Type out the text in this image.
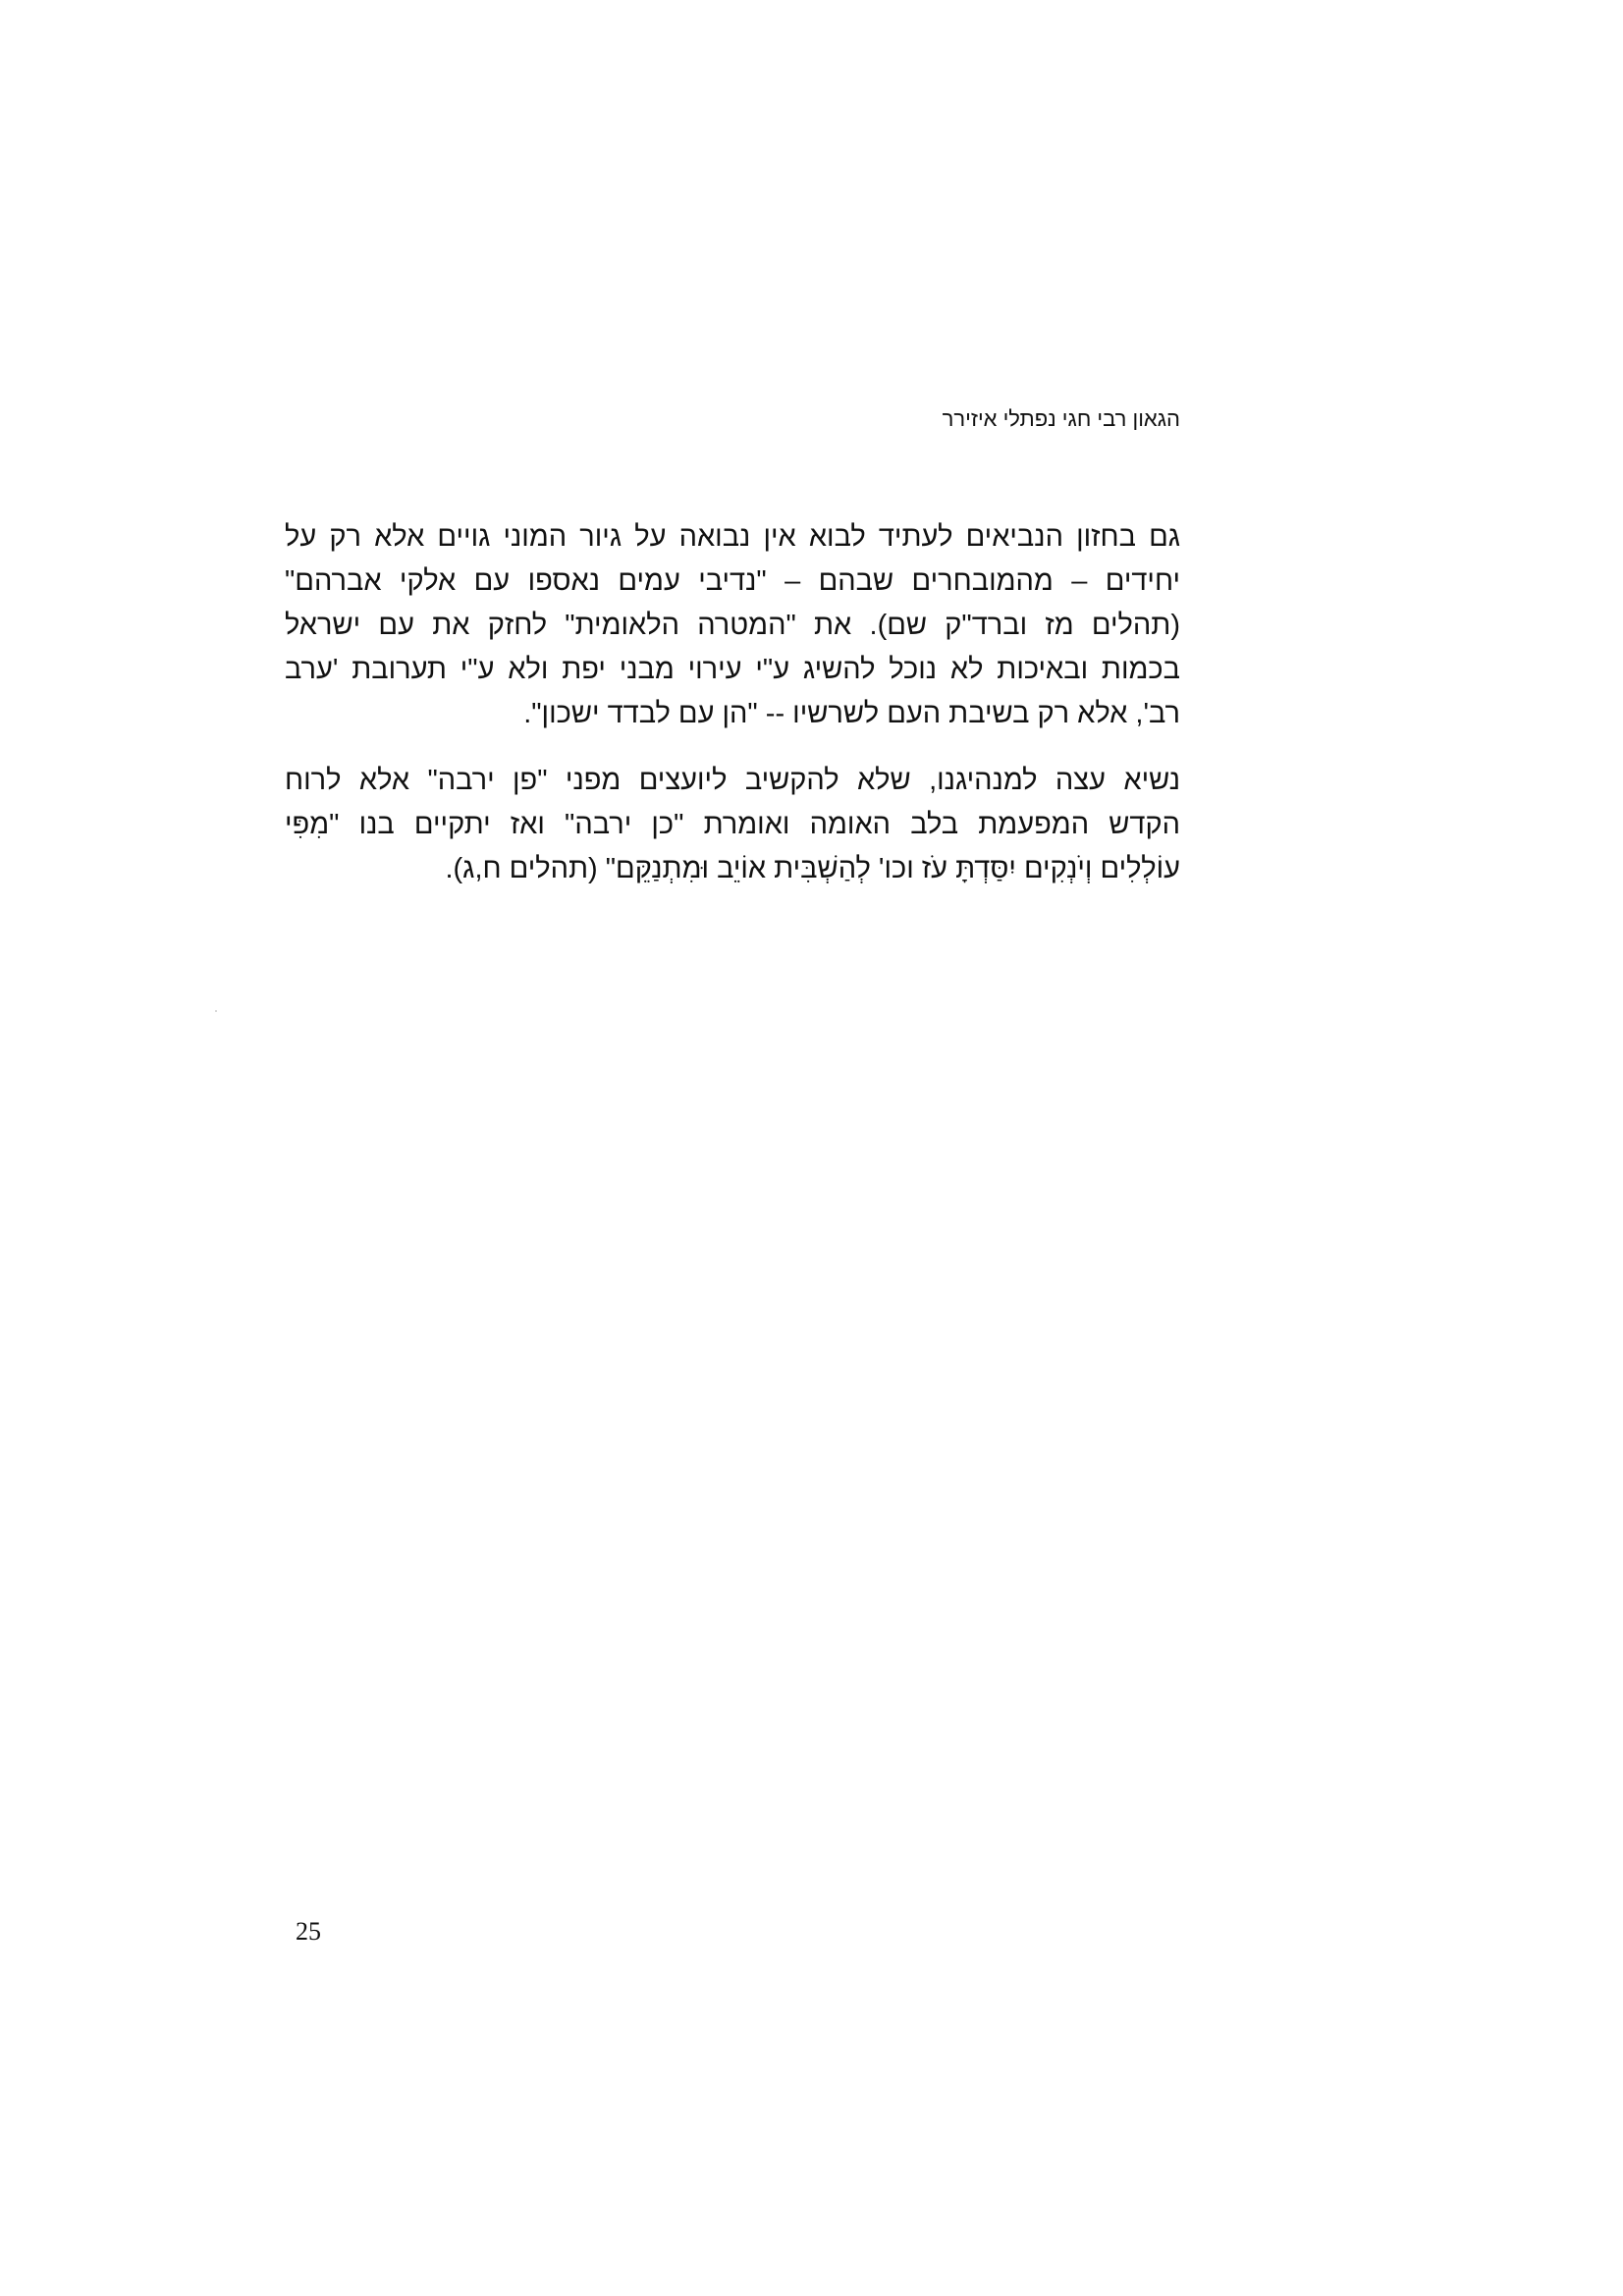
הגאון רבי חגי נפתלי איזירר
גם בחזון הנביאים לעתיד לבוא אין נבואה על גיור המוני גויים אלא רק על
יחידים – מהמובחרים שבהם – "נדיבי עמים נאספו עם אלקי אברהם"
(תהלים מז וברד"ק שם). את "המטרה הלאומית" לחזק את עם ישראל
בכמות ובאיכות לא נוכל להשיג ע"י עירוי מבני יפת ולא ע"י תערובת 'ערב
רב', אלא רק בשיבת העם לשרשיו -- "הן עם לבדד ישכון".
נשיא עצה למנהיגנו, שלא להקשיב ליועצים מפני "פן ירבה" אלא לרוח
הקדש המפעמת בלב האומה ואומרת "כן ירבה" ואז יתקיים בנו "מִפִּי
עוֹלְלִים וְיֹנְקִים יִסַּדְתָּ עֹז וכו' לְהַשְׁבִּית אוֹיֵב וּמִתְנַקֵּם" (תהלים ח,ג).
25
